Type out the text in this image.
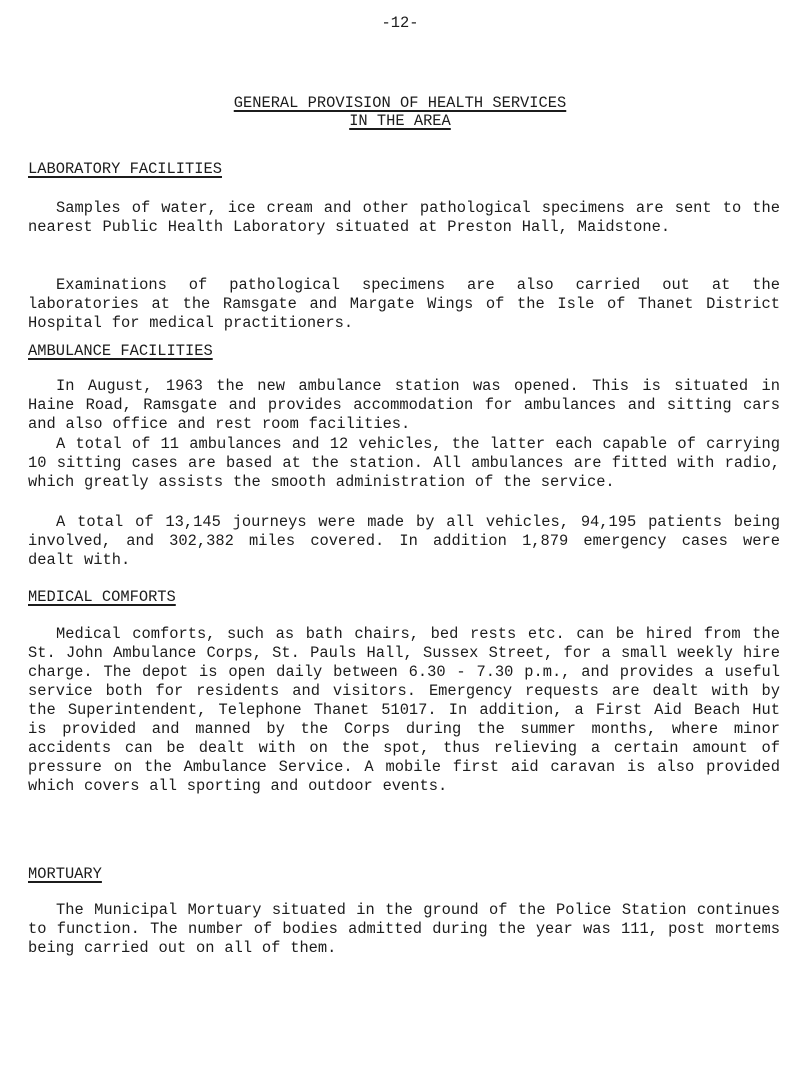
-12-
GENERAL PROVISION OF HEALTH SERVICES
IN THE AREA
LABORATORY FACILITIES

Samples of water, ice cream and other pathological specimens are sent to the nearest Public Health Laboratory situated at Preston Hall, Maidstone.

Examinations of pathological specimens are also carried out at the laboratories at the Ramsgate and Margate Wings of the Isle of Thanet District Hospital for medical practitioners.

AMBULANCE FACILITIES

In August, 1963 the new ambulance station was opened. This is situated in Haine Road, Ramsgate and provides accommodation for ambulances and sitting cars and also office and rest room facilities.

A total of 11 ambulances and 12 vehicles, the latter each capable of carrying 10 sitting cases are based at the station. All ambulances are fitted with radio, which greatly assists the smooth administration of the service.

A total of 13,145 journeys were made by all vehicles, 94,195 patients being involved, and 302,382 miles covered. In addition 1,879 emergency cases were dealt with.

MEDICAL COMFORTS

Medical comforts, such as bath chairs, bed rests etc. can be hired from the St. John Ambulance Corps, St. Pauls Hall, Sussex Street, for a small weekly hire charge. The depot is open daily between 6.30 - 7.30 p.m., and provides a useful service both for residents and visitors. Emergency requests are dealt with by the Superintendent, Telephone Thanet 51017. In addition, a First Aid Beach Hut is provided and manned by the Corps during the summer months, where minor accidents can be dealt with on the spot, thus relieving a certain amount of pressure on the Ambulance Service. A mobile first aid caravan is also provided which covers all sporting and outdoor events.

MORTUARY

The Municipal Mortuary situated in the ground of the Police Station continues to function. The number of bodies admitted during the year was 111, post mortems being carried out on all of them.
